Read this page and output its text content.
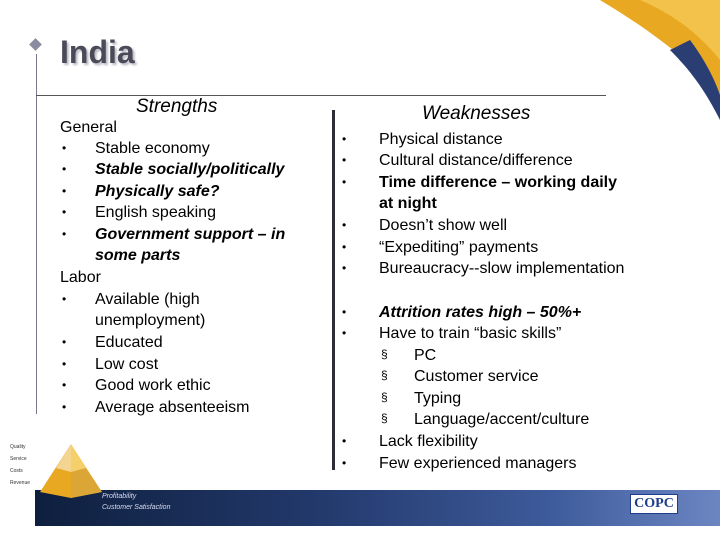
India
Strengths
General
• Stable economy
• Stable socially/politically
• Physically safe?
• English speaking
• Government support – in
some parts
Labor
• Available (high
unemployment)
• Educated
• Low cost
• Good work ethic
• Average absenteeism
Weaknesses
• Physical distance
• Cultural distance/difference
• Time difference – working daily
at night
• Doesn’t show well
• “Expediting” payments
• Bureaucracy--slow implementation
• Attrition rates high – 50%+
• Have to train “basic skills”
§ PC
§ Customer service
§ Typing
§ Language/accent/culture
• Lack flexibility
• Few experienced managers
Profitability
Customer Satisfaction	COPC
Quality
Service
Costs
Revenue
